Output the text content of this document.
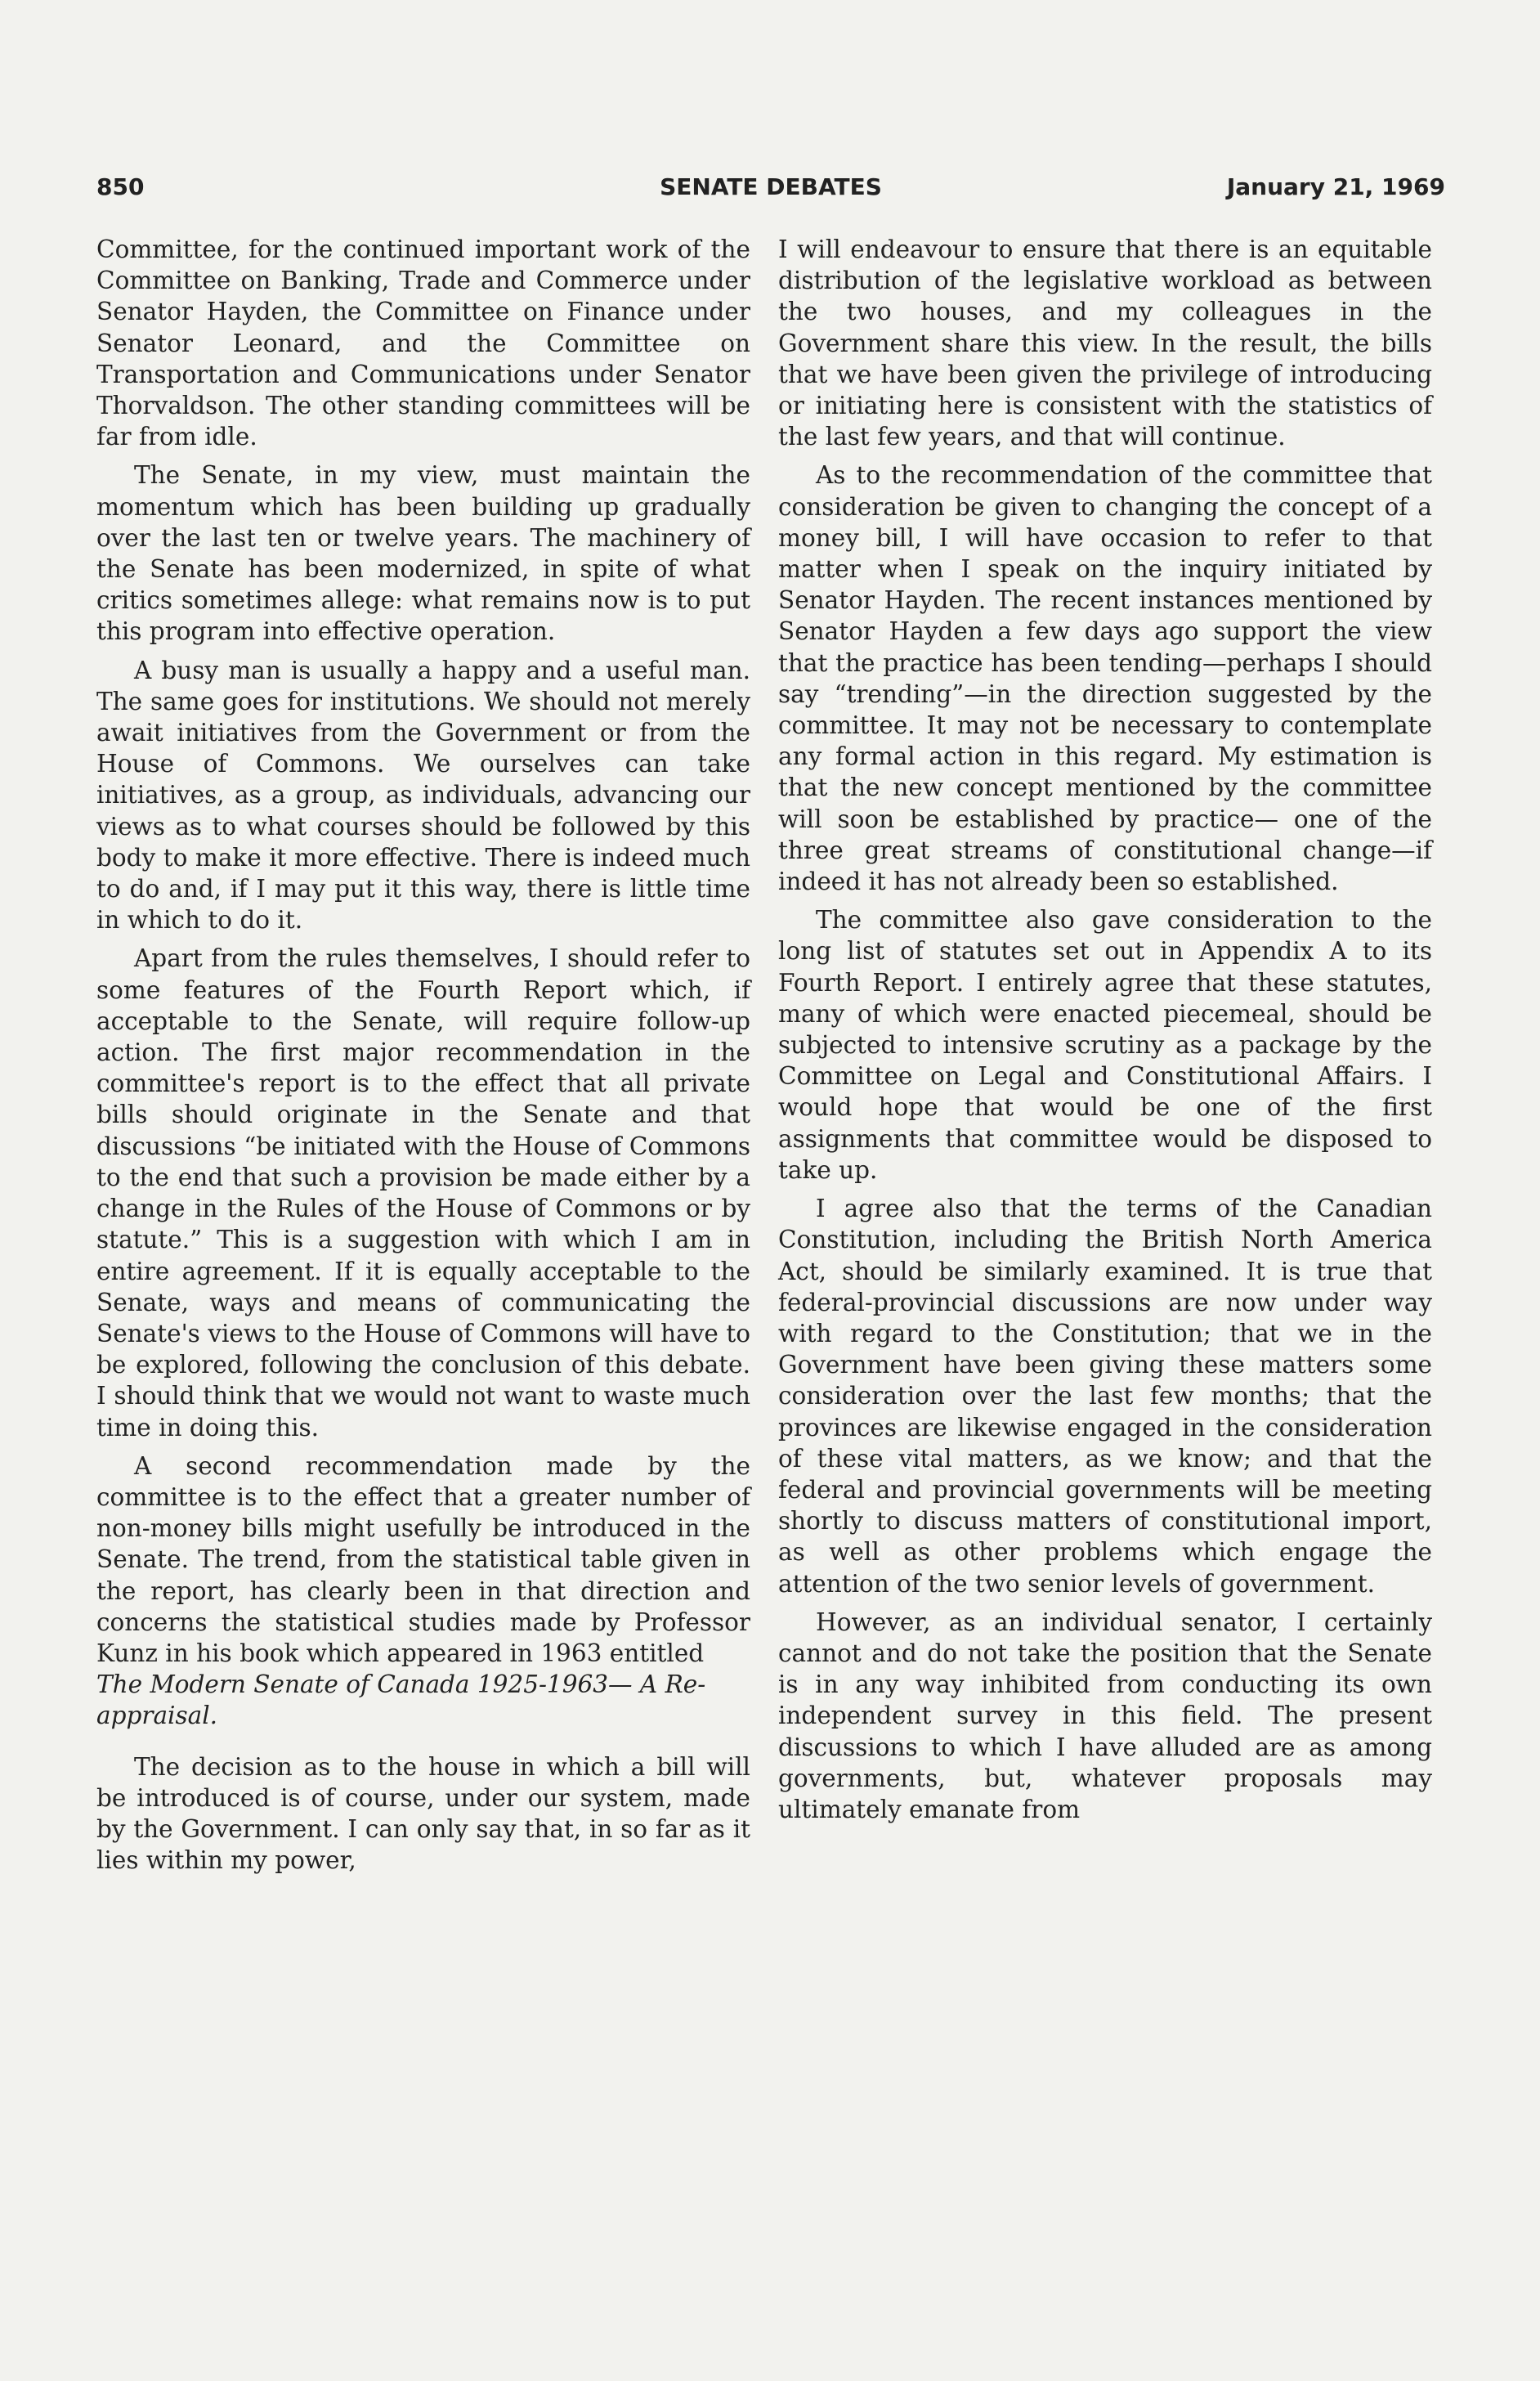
850	SENATE DEBATES	January 21, 1969

Committee, for the continued important work of the Committee on Banking, Trade and Commerce under Senator Hayden, the Committee on Finance under Senator Leonard, and the Committee on Transportation and Communications under Senator Thorvaldson. The other standing committees will be far from idle.

The Senate, in my view, must maintain the momentum which has been building up gradually over the last ten or twelve years. The machinery of the Senate has been modernized, in spite of what critics sometimes allege: what remains now is to put this program into effective operation.

A busy man is usually a happy and a useful man. The same goes for institutions. We should not merely await initiatives from the Government or from the House of Commons. We ourselves can take initiatives, as a group, as individuals, advancing our views as to what courses should be followed by this body to make it more effective. There is indeed much to do and, if I may put it this way, there is little time in which to do it.

Apart from the rules themselves, I should refer to some features of the Fourth Report which, if acceptable to the Senate, will require follow-up action. The first major recommendation in the committee's report is to the effect that all private bills should originate in the Senate and that discussions “be initiated with the House of Commons to the end that such a provision be made either by a change in the Rules of the House of Commons or by statute.” This is a suggestion with which I am in entire agreement. If it is equally acceptable to the Senate, ways and means of communicating the Senate's views to the House of Commons will have to be explored, following the conclusion of this debate. I should think that we would not want to waste much time in doing this.

A second recommendation made by the committee is to the effect that a greater number of non-money bills might usefully be introduced in the Senate. The trend, from the statistical table given in the report, has clearly been in that direction and concerns the statistical studies made by Professor Kunz in his book which appeared in 1963 entitled

The Modern Senate of Canada 1925-1963— A Re-appraisal.

The decision as to the house in which a bill will be introduced is of course, under our system, made by the Government. I can only say that, in so far as it lies within my power,

I will endeavour to ensure that there is an equitable distribution of the legislative workload as between the two houses, and my colleagues in the Government share this view. In the result, the bills that we have been given the privilege of introducing or initiating here is consistent with the statistics of the last few years, and that will continue.

As to the recommendation of the committee that consideration be given to changing the concept of a money bill, I will have occasion to refer to that matter when I speak on the inquiry initiated by Senator Hayden. The recent instances mentioned by Senator Hayden a few days ago support the view that the practice has been tending—perhaps I should say “trending”—in the direction suggested by the committee. It may not be necessary to contemplate any formal action in this regard. My estimation is that the new concept mentioned by the committee will soon be established by practice— one of the three great streams of constitutional change—if indeed it has not already been so established.

The committee also gave consideration to the long list of statutes set out in Appendix A to its Fourth Report. I entirely agree that these statutes, many of which were enacted piecemeal, should be subjected to intensive scrutiny as a package by the Committee on Legal and Constitutional Affairs. I would hope that would be one of the first assignments that committee would be disposed to take up.

I agree also that the terms of the Canadian Constitution, including the British North America Act, should be similarly examined. It is true that federal-provincial discussions are now under way with regard to the Constitution; that we in the Government have been giving these matters some consideration over the last few months; that the provinces are likewise engaged in the consideration of these vital matters, as we know; and that the federal and provincial governments will be meeting shortly to discuss matters of constitutional import, as well as other problems which engage the attention of the two senior levels of government.

However, as an individual senator, I certainly cannot and do not take the position that the Senate is in any way inhibited from conducting its own independent survey in this field. The present discussions to which I have alluded are as among governments, but, whatever proposals may ultimately emanate from
